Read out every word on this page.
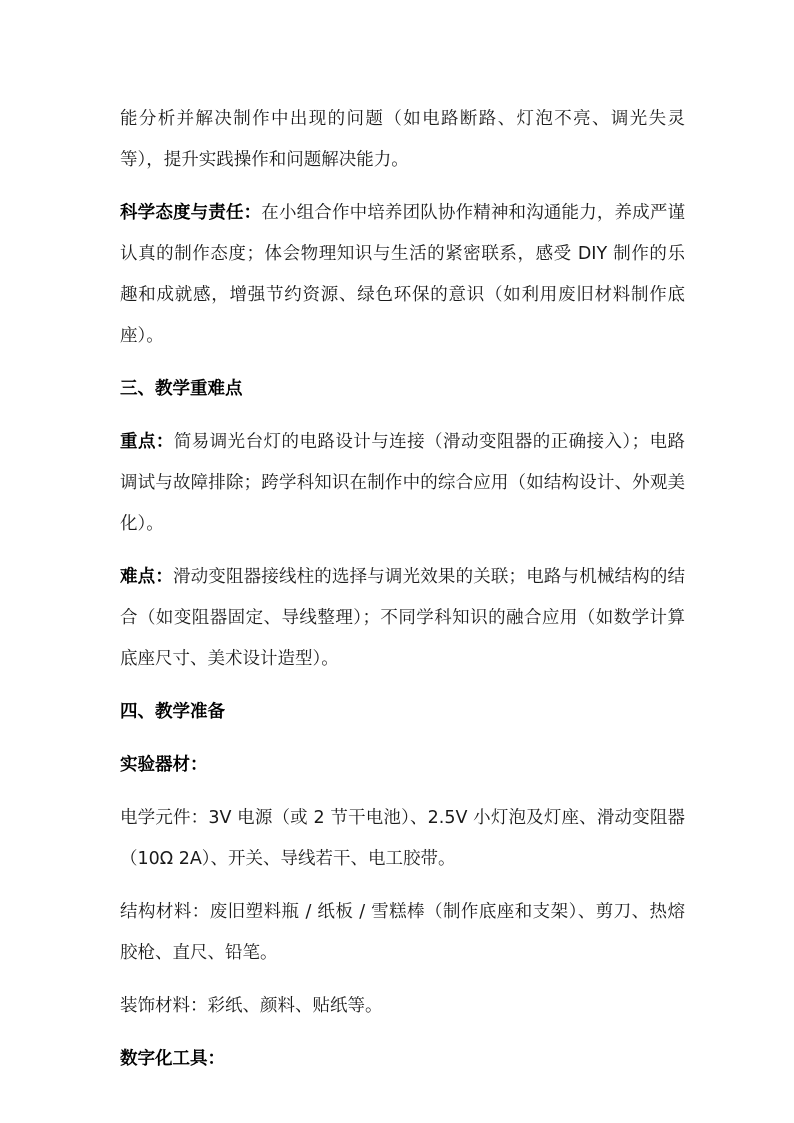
能分析并解决制作中出现的问题（如电路断路、灯泡不亮、调光失灵等），提升实践操作和问题解决能力。

科学态度与责任：在小组合作中培养团队协作精神和沟通能力，养成严谨认真的制作态度；体会物理知识与生活的紧密联系，感受 DIY 制作的乐趣和成就感，增强节约资源、绿色环保的意识（如利用废旧材料制作底座）。

三、教学重难点

重点：简易调光台灯的电路设计与连接（滑动变阻器的正确接入）；电路调试与故障排除；跨学科知识在制作中的综合应用（如结构设计、外观美化）。

难点：滑动变阻器接线柱的选择与调光效果的关联；电路与机械结构的结合（如变阻器固定、导线整理）；不同学科知识的融合应用（如数学计算底座尺寸、美术设计造型）。

四、教学准备
实验器材：

电学元件：3V 电源（或 2 节干电池）、2.5V 小灯泡及灯座、滑动变阻器（10Ω 2A）、开关、导线若干、电工胶带。

结构材料：废旧塑料瓶 / 纸板 / 雪糕棒（制作底座和支架）、剪刀、热熔胶枪、直尺、铅笔。

装饰材料：彩纸、颜料、贴纸等。

数字化工具：
